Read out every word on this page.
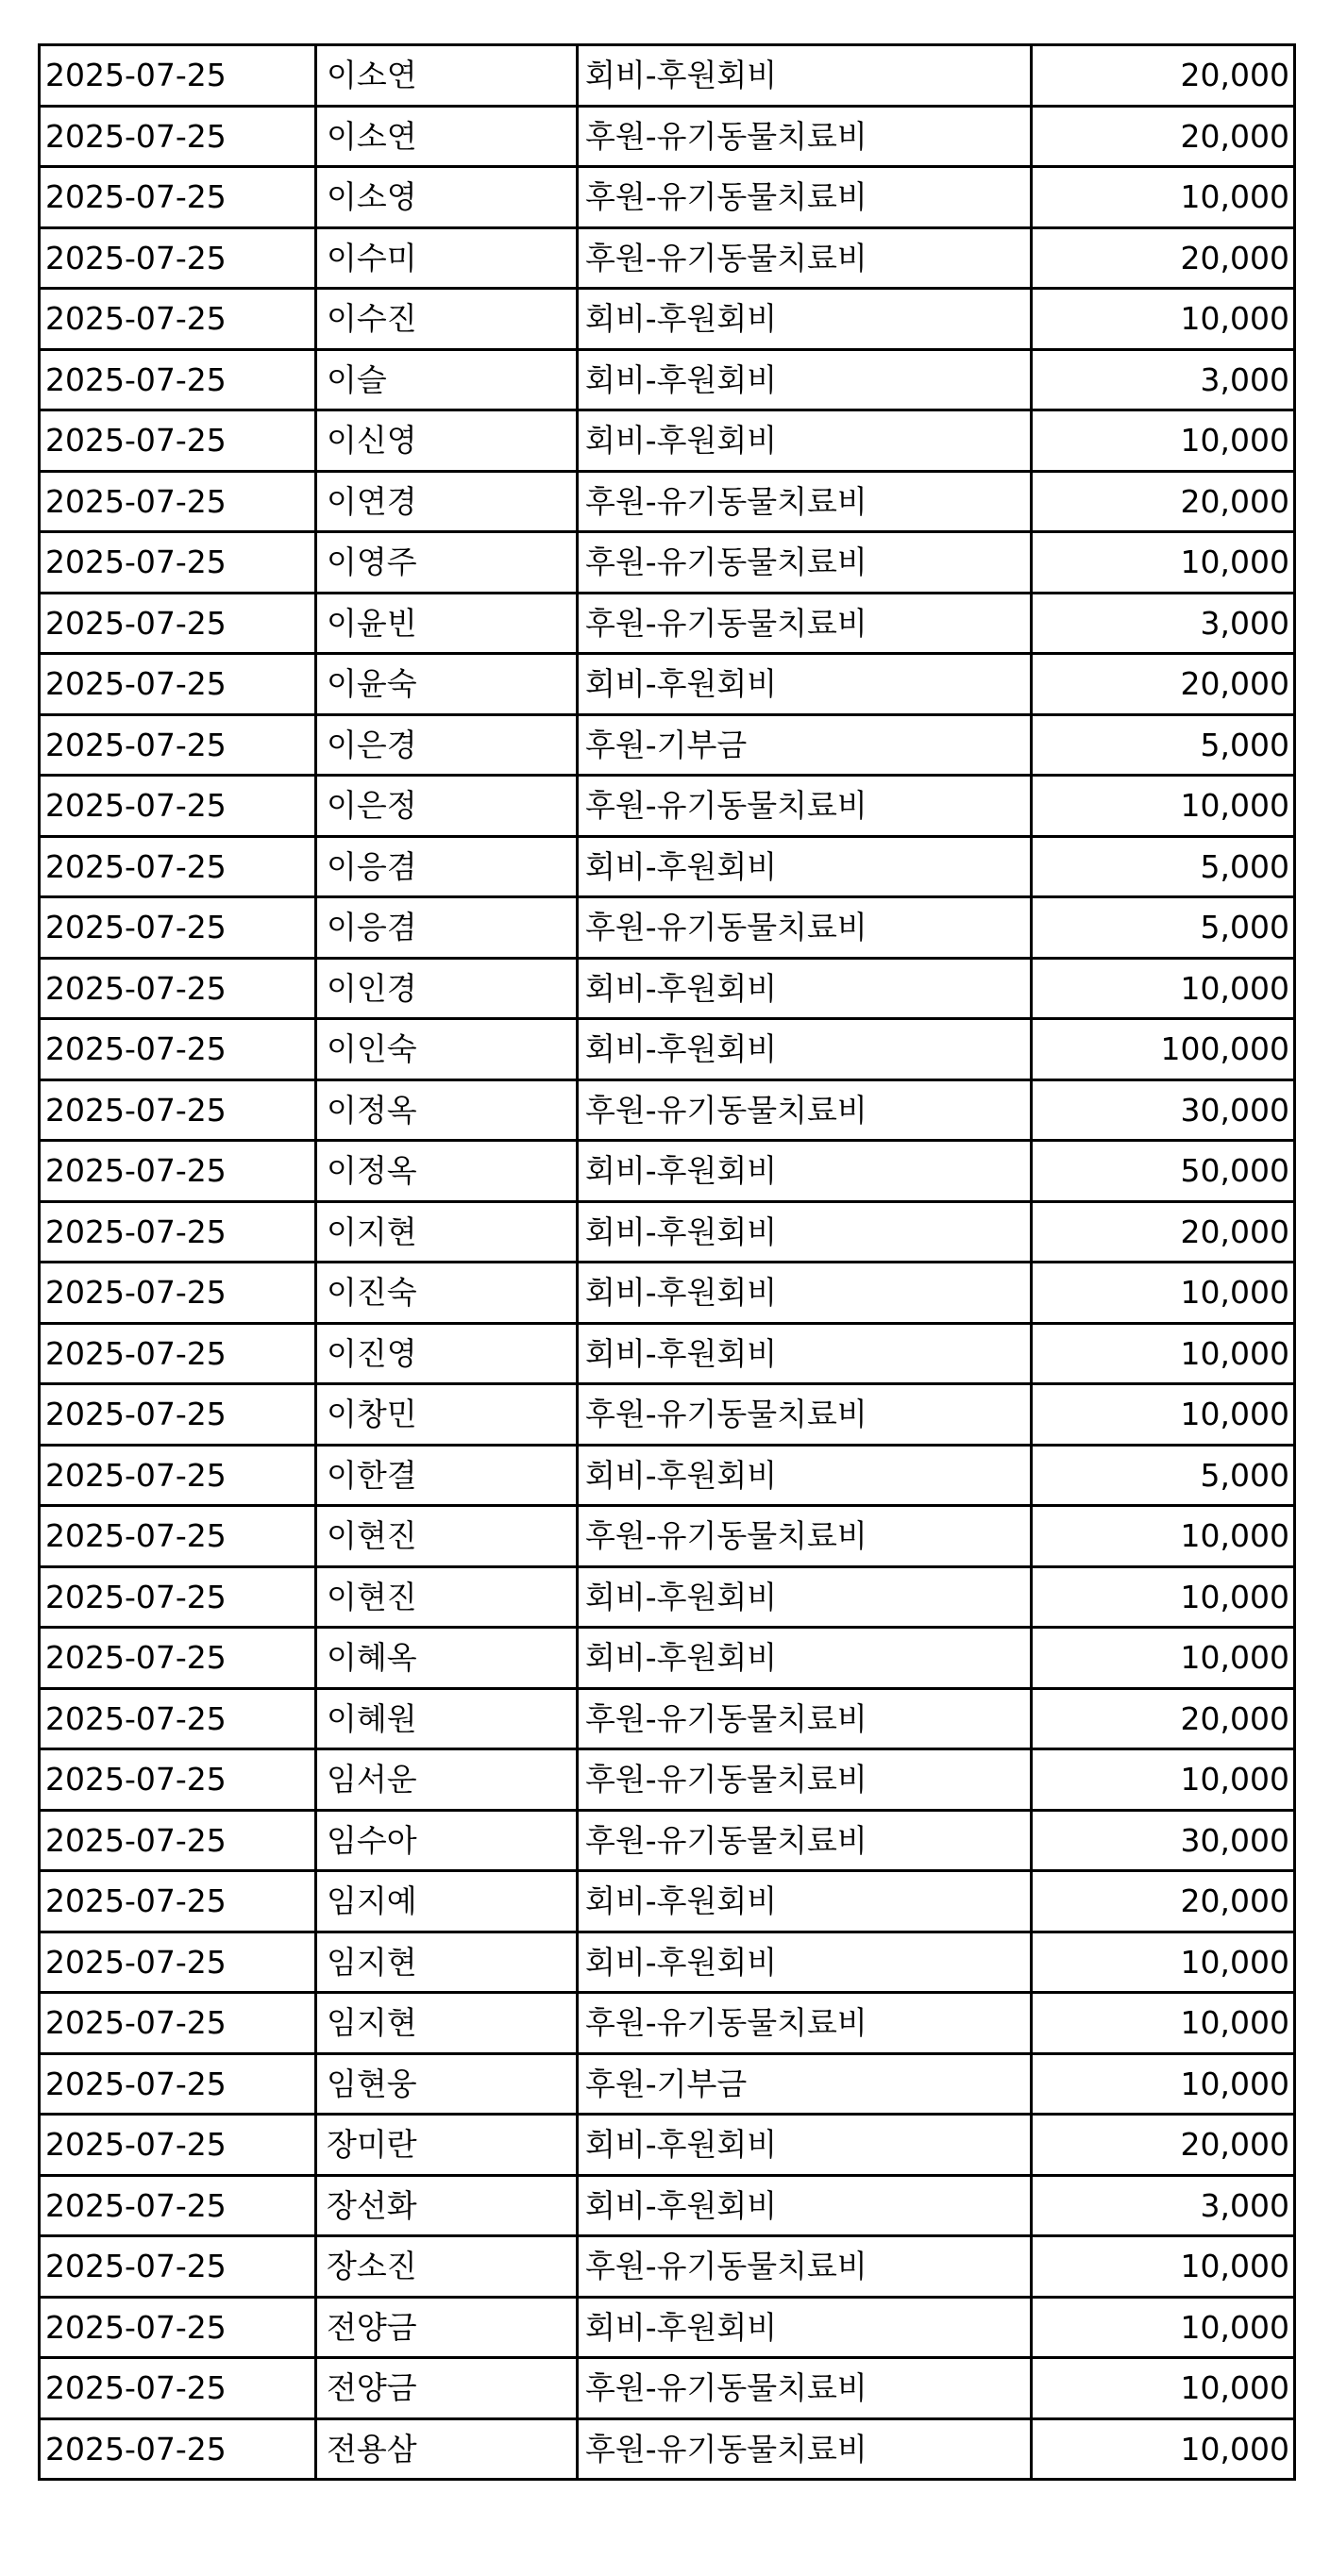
2025-07-25	이소연	회비-후원회비	20,000
2025-07-25	이소연	후원-유기동물치료비	20,000
2025-07-25	이소영	후원-유기동물치료비	10,000
2025-07-25	이수미	후원-유기동물치료비	20,000
2025-07-25	이수진	회비-후원회비	10,000
2025-07-25	이슬	회비-후원회비	3,000
2025-07-25	이신영	회비-후원회비	10,000
2025-07-25	이연경	후원-유기동물치료비	20,000
2025-07-25	이영주	후원-유기동물치료비	10,000
2025-07-25	이윤빈	후원-유기동물치료비	3,000
2025-07-25	이윤숙	회비-후원회비	20,000
2025-07-25	이은경	후원-기부금	5,000
2025-07-25	이은정	후원-유기동물치료비	10,000
2025-07-25	이응겸	회비-후원회비	5,000
2025-07-25	이응겸	후원-유기동물치료비	5,000
2025-07-25	이인경	회비-후원회비	10,000
2025-07-25	이인숙	회비-후원회비	100,000
2025-07-25	이정옥	후원-유기동물치료비	30,000
2025-07-25	이정옥	회비-후원회비	50,000
2025-07-25	이지현	회비-후원회비	20,000
2025-07-25	이진숙	회비-후원회비	10,000
2025-07-25	이진영	회비-후원회비	10,000
2025-07-25	이창민	후원-유기동물치료비	10,000
2025-07-25	이한결	회비-후원회비	5,000
2025-07-25	이현진	후원-유기동물치료비	10,000
2025-07-25	이현진	회비-후원회비	10,000
2025-07-25	이혜옥	회비-후원회비	10,000
2025-07-25	이혜원	후원-유기동물치료비	20,000
2025-07-25	임서운	후원-유기동물치료비	10,000
2025-07-25	임수아	후원-유기동물치료비	30,000
2025-07-25	임지예	회비-후원회비	20,000
2025-07-25	임지현	회비-후원회비	10,000
2025-07-25	임지현	후원-유기동물치료비	10,000
2025-07-25	임현웅	후원-기부금	10,000
2025-07-25	장미란	회비-후원회비	20,000
2025-07-25	장선화	회비-후원회비	3,000
2025-07-25	장소진	후원-유기동물치료비	10,000
2025-07-25	전양금	회비-후원회비	10,000
2025-07-25	전양금	후원-유기동물치료비	10,000
2025-07-25	전용삼	후원-유기동물치료비	10,000
